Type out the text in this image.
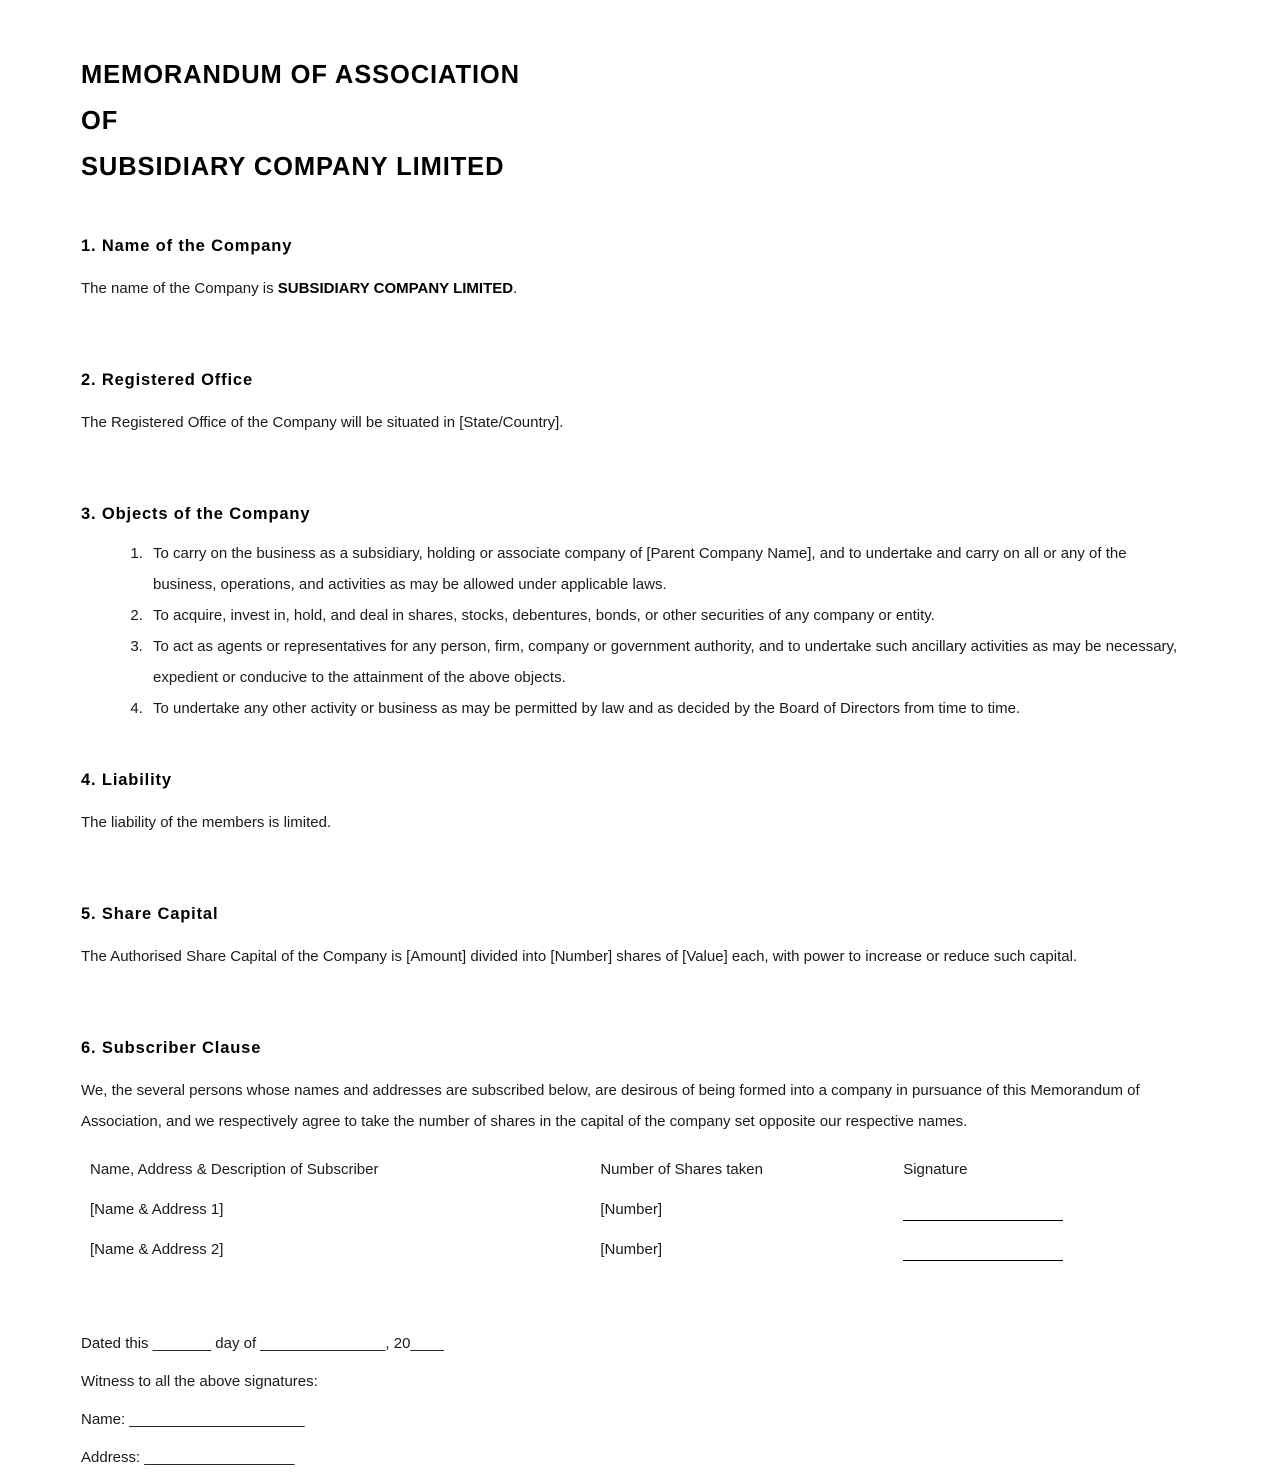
MEMORANDUM OF ASSOCIATION
OF
SUBSIDIARY COMPANY LIMITED
1. Name of the Company

The name of the Company is SUBSIDIARY COMPANY LIMITED.

2. Registered Office

The Registered Office of the Company will be situated in [State/Country].

3. Objects of the Company
1. To carry on the business as a subsidiary, holding or associate company of [Parent Company Name], and to undertake and carry on all or any of the business, operations, and activities as may be allowed under applicable laws.
2. To acquire, invest in, hold, and deal in shares, stocks, debentures, bonds, or other securities of any company or entity.
3. To act as agents or representatives for any person, firm, company or government authority, and to undertake such ancillary activities as may be necessary, expedient or conducive to the attainment of the above objects.
4. To undertake any other activity or business as may be permitted by law and as decided by the Board of Directors from time to time.
4. Liability

The liability of the members is limited.

5. Share Capital

The Authorised Share Capital of the Company is [Amount] divided into [Number] shares of [Value] each, with power to increase or reduce such capital.

6. Subscriber Clause

We, the several persons whose names and addresses are subscribed below, are desirous of being formed into a company in pursuance of this Memorandum of Association, and we respectively agree to take the number of shares in the capital of the company set opposite our respective names.

Name, Address & Description of Subscriber	Number of Shares taken	Signature
[Name & Address 1]	[Number]	

[Name & Address 2]	[Number]	

Dated this _______ day of _______________, 20____

Witness to all the above signatures:

Name: _____________________

Address: __________________
